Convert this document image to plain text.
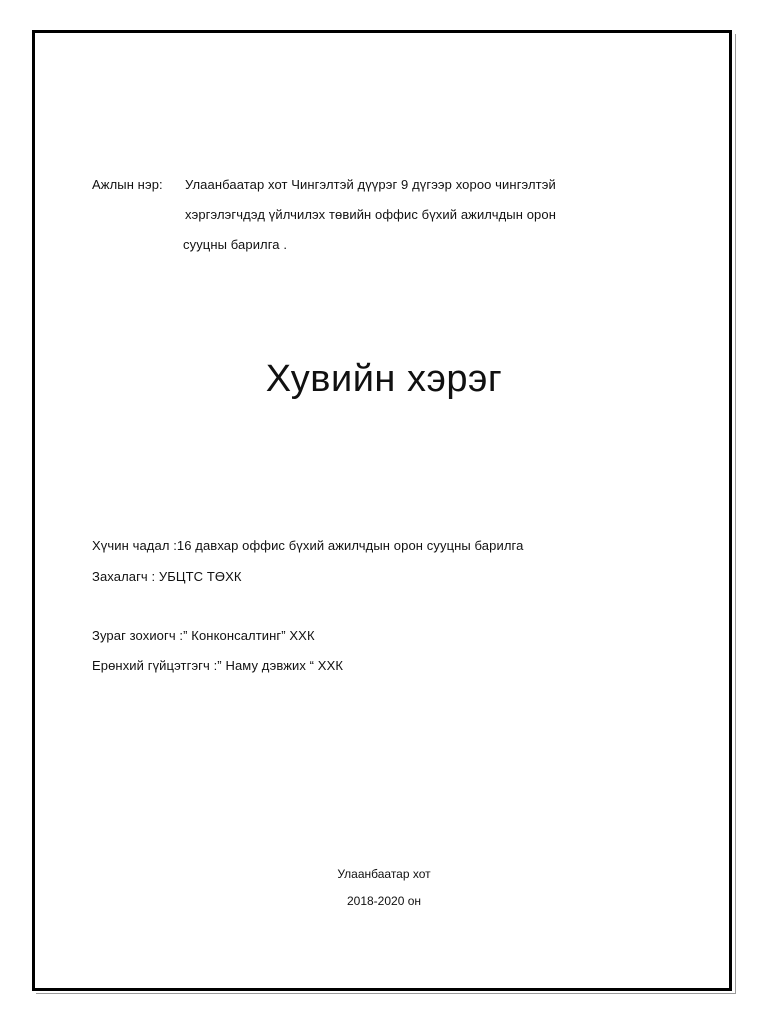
Ажлын нэр: Улаанбаатар хот Чингэлтэй дүүрэг 9 дүгээр хороо чингэлтэй
хэргэлэгчдэд үйлчилэх төвийн оффис бүхий ажилчдын орон
сууцны барилга .
Хувийн хэрэг
Хүчин чадал :16 давхар оффис бүхий ажилчдын орон сууцны барилга
Захалагч : УБЦТС ТӨХК
Зураг зохиогч :” Конконсалтинг” ХХК
Ерөнхий гүйцэтгэгч :” Наму дэвжих “ ХХК
Улаанбаатар хот
2018-2020 он
